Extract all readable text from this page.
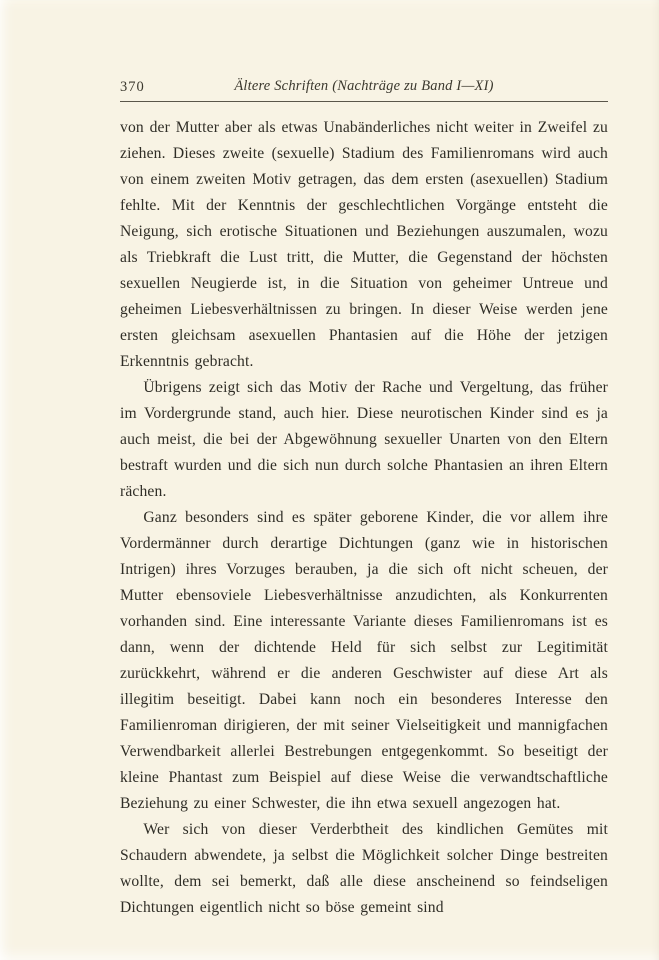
370	Ältere Schriften (Nachträge zu Band I—XI)

von der Mutter aber als etwas Unabänderliches nicht weiter in Zweifel zu ziehen. Dieses zweite (sexuelle) Stadium des Familienromans wird auch von einem zweiten Motiv getragen, das dem ersten (asexuellen) Stadium fehlte. Mit der Kenntnis der geschlechtlichen Vorgänge entsteht die Neigung, sich erotische Situationen und Beziehungen auszumalen, wozu als Triebkraft die Lust tritt, die Mutter, die Gegenstand der höchsten sexuellen Neugierde ist, in die Situation von geheimer Untreue und geheimen Liebesverhältnissen zu bringen. In dieser Weise werden jene ersten gleichsam asexuellen Phantasien auf die Höhe der jetzigen Erkenntnis gebracht.

Übrigens zeigt sich das Motiv der Rache und Vergeltung, das früher im Vordergrunde stand, auch hier. Diese neurotischen Kinder sind es ja auch meist, die bei der Abgewöhnung sexueller Unarten von den Eltern bestraft wurden und die sich nun durch solche Phantasien an ihren Eltern rächen.

Ganz besonders sind es später geborene Kinder, die vor allem ihre Vordermänner durch derartige Dichtungen (ganz wie in historischen Intrigen) ihres Vorzuges berauben, ja die sich oft nicht scheuen, der Mutter ebensoviele Liebesverhältnisse anzudichten, als Konkurrenten vorhanden sind. Eine interessante Variante dieses Familienromans ist es dann, wenn der dichtende Held für sich selbst zur Legitimität zurückkehrt, während er die anderen Geschwister auf diese Art als illegitim beseitigt. Dabei kann noch ein besonderes Interesse den Familienroman dirigieren, der mit seiner Vielseitigkeit und mannigfachen Verwendbarkeit allerlei Bestrebungen entgegenkommt. So beseitigt der kleine Phantast zum Beispiel auf diese Weise die verwandtschaftliche Beziehung zu einer Schwester, die ihn etwa sexuell angezogen hat.

Wer sich von dieser Verderbtheit des kindlichen Gemütes mit Schaudern abwendete, ja selbst die Möglichkeit solcher Dinge bestreiten wollte, dem sei bemerkt, daß alle diese anscheinend so feindseligen Dichtungen eigentlich nicht so böse gemeint sind
